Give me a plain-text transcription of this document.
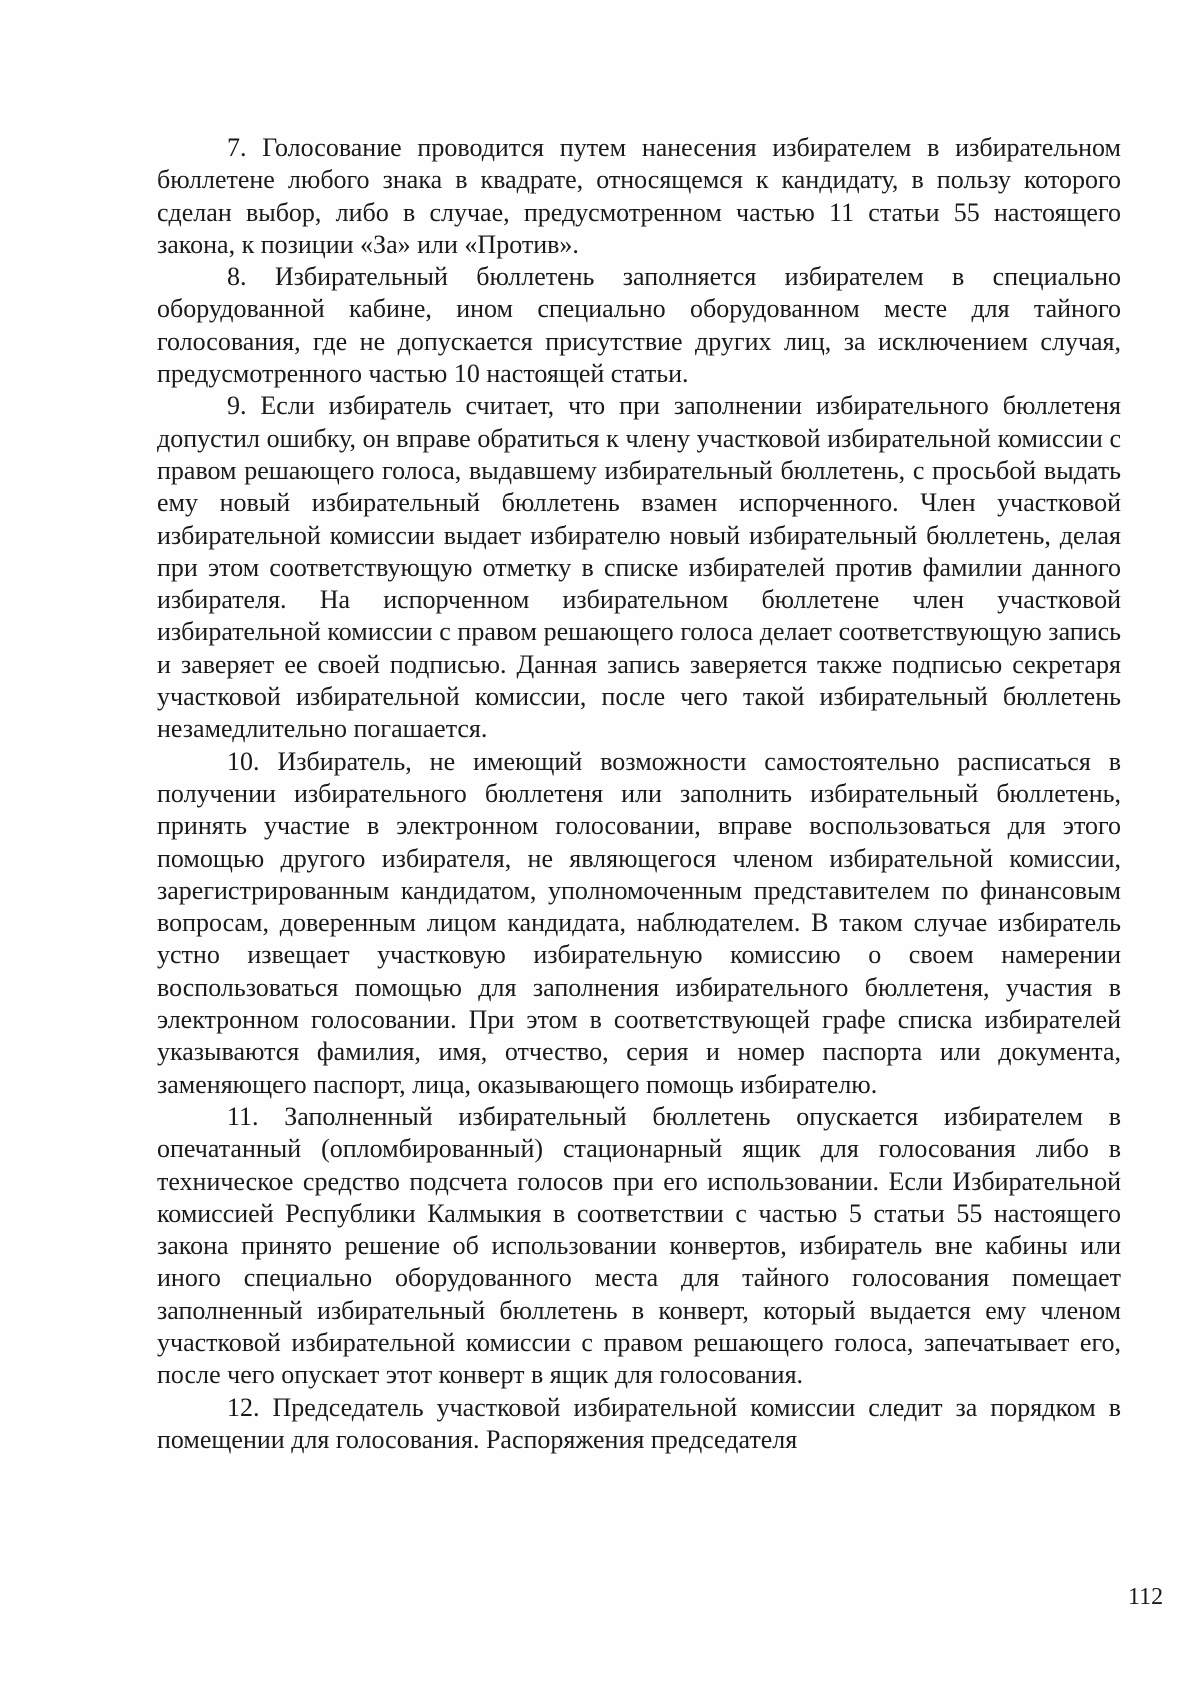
7. Голосование проводится путем нанесения избирателем в избирательном бюллетене любого знака в квадрате, относящемся к кандидату, в пользу которого сделан выбор, либо в случае, предусмотренном частью 11 статьи 55 настоящего закона, к позиции «За» или «Против».

8. Избирательный бюллетень заполняется избирателем в специально оборудованной кабине, ином специально оборудованном месте для тайного голосования, где не допускается присутствие других лиц, за исключением случая, предусмотренного частью 10 настоящей статьи.

9. Если избиратель считает, что при заполнении избирательного бюллетеня допустил ошибку, он вправе обратиться к члену участковой избирательной комиссии с правом решающего голоса, выдавшему избирательный бюллетень, с просьбой выдать ему новый избирательный бюллетень взамен испорченного. Член участковой избирательной комиссии выдает избирателю новый избирательный бюллетень, делая при этом соответствующую отметку в списке избирателей против фамилии данного избирателя. На испорченном избирательном бюллетене член участковой избирательной комиссии с правом решающего голоса делает соответствующую запись и заверяет ее своей подписью. Данная запись заверяется также подписью секретаря участковой избирательной комиссии, после чего такой избирательный бюллетень незамедлительно погашается.

10. Избиратель, не имеющий возможности самостоятельно расписаться в получении избирательного бюллетеня или заполнить избирательный бюллетень, принять участие в электронном голосовании, вправе воспользоваться для этого помощью другого избирателя, не являющегося членом избирательной комиссии, зарегистрированным кандидатом, уполномоченным представителем по финансовым вопросам, доверенным лицом кандидата, наблюдателем. В таком случае избиратель устно извещает участковую избирательную комиссию о своем намерении воспользоваться помощью для заполнения избирательного бюллетеня, участия в электронном голосовании. При этом в соответствующей графе списка избирателей указываются фамилия, имя, отчество, серия и номер паспорта или документа, заменяющего паспорт, лица, оказывающего помощь избирателю.

11. Заполненный избирательный бюллетень опускается избирателем в опечатанный (опломбированный) стационарный ящик для голосования либо в техническое средство подсчета голосов при его использовании. Если Избирательной комиссией Республики Калмыкия в соответствии с частью 5 статьи 55 настоящего закона принято решение об использовании конвертов, избиратель вне кабины или иного специально оборудованного места для тайного голосования помещает заполненный избирательный бюллетень в конверт, который выдается ему членом участковой избирательной комиссии с правом решающего голоса, запечатывает его, после чего опускает этот конверт в ящик для голосования.

12. Председатель участковой избирательной комиссии следит за порядком в помещении для голосования. Распоряжения председателя

112
